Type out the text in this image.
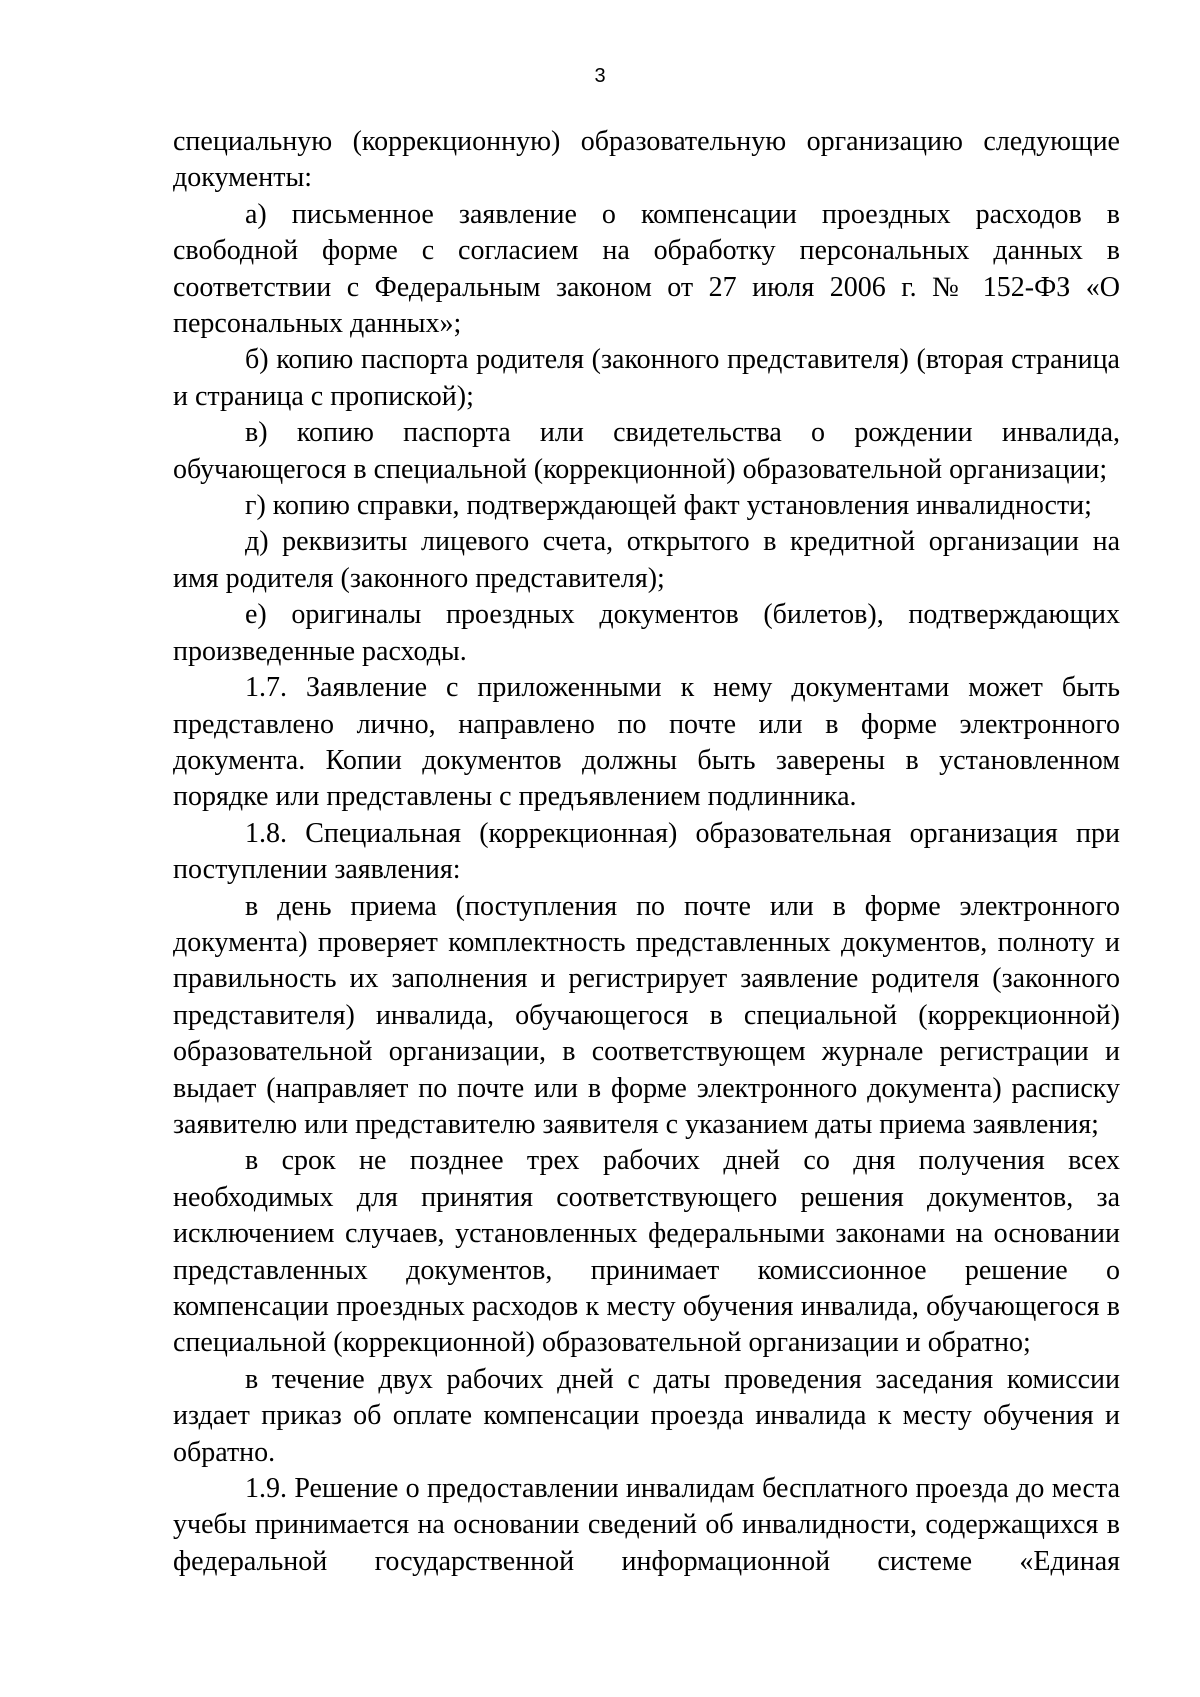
3

специальную (коррекционную) образовательную организацию следующие документы:

а) письменное заявление о компенсации проездных расходов в свободной форме с согласием на обработку персональных данных в соответствии с Федеральным законом от 27 июля 2006 г. № 152-ФЗ «О персональных данных»;

б) копию паспорта родителя (законного представителя) (вторая страница и страница с пропиской);

в) копию паспорта или свидетельства о рождении инвалида, обучающегося в специальной (коррекционной) образовательной организации;

г) копию справки, подтверждающей факт установления инвалидности;

д) реквизиты лицевого счета, открытого в кредитной организации на имя родителя (законного представителя);

е) оригиналы проездных документов (билетов), подтверждающих произведенные расходы.

1.7. Заявление с приложенными к нему документами может быть представлено лично, направлено по почте или в форме электронного документа. Копии документов должны быть заверены в установленном порядке или представлены с предъявлением подлинника.

1.8. Специальная (коррекционная) образовательная организация при поступлении заявления:

в день приема (поступления по почте или в форме электронного документа) проверяет комплектность представленных документов, полноту и правильность их заполнения и регистрирует заявление родителя (законного представителя) инвалида, обучающегося в специальной (коррекционной) образовательной организации, в соответствующем журнале регистрации и выдает (направляет по почте или в форме электронного документа) расписку заявителю или представителю заявителя с указанием даты приема заявления;

в срок не позднее трех рабочих дней со дня получения всех необходимых для принятия соответствующего решения документов, за исключением случаев, установленных федеральными законами на основании представленных документов, принимает комиссионное решение о компенсации проездных расходов к месту обучения инвалида, обучающегося в специальной (коррекционной) образовательной организации и обратно;

в течение двух рабочих дней с даты проведения заседания комиссии издает приказ об оплате компенсации проезда инвалида к месту обучения и обратно.

1.9. Решение о предоставлении инвалидам бесплатного проезда до места учебы принимается на основании сведений об инвалидности, содержащихся в федеральной государственной информационной системе «Единая
